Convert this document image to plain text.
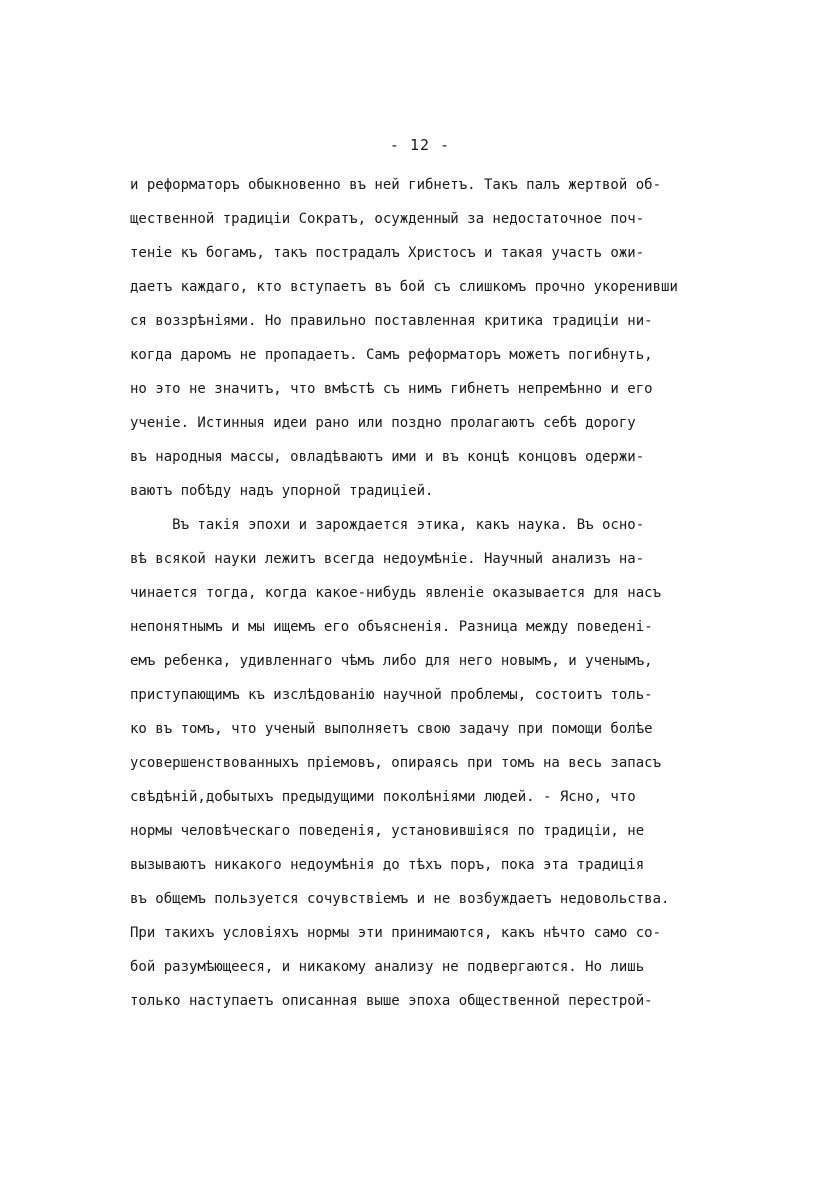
- 12 -
и реформаторъ обыкновенно въ ней гибнетъ. Такъ палъ жертвой об-
щественной традицiи Сократъ, осужденный за недостаточное поч-
тенiе къ богамъ, такъ пострадалъ Христосъ и такая участь ожи-
даетъ каждаго, кто вступаетъ въ бой съ слишкомъ прочно укоренивши
ся воззрѣнiями. Но правильно поставленная критика традицiи ни-
когда даромъ не пропадаетъ. Самъ реформаторъ можетъ погибнуть,
но это не значитъ, что вмѣстѣ съ нимъ гибнетъ непремѣнно и его
ученiе. Истинныя идеи рано или поздно пролагаютъ себѣ дорогу
въ народныя массы, овладѣваютъ ими и въ концѣ концовъ одержи-
ваютъ побѣду надъ упорной традицiей.
Въ такiя эпохи и зарождается этика, какъ наука. Въ осно-
вѣ всякой науки лежитъ всегда недоумѣнiе. Научный анализъ на-
чинается тогда, когда какое-нибудь явленiе оказывается для насъ
непонятнымъ и мы ищемъ его объясненiя. Разница между поведенi-
емъ ребенка, удивленнаго чѣмъ либо для него новымъ, и ученымъ,
приступающимъ къ изслѣдованiю научной проблемы, состоитъ толь-
ко въ томъ, что ученый выполняетъ свою задачу при помощи болѣе
усовершенствованныхъ прiемовъ, опираясь при томъ на весь запасъ
свѣдѣнiй,добытыхъ предыдущими поколѣнiями людей. - Ясно, что
нормы человѣческаго поведенiя, установившiяся по традицiи, не
вызываютъ никакого недоумѣнiя до тѣхъ поръ, пока эта традицiя
въ общемъ пользуется сочувствiемъ и не возбуждаетъ недовольства.
При такихъ условiяхъ нормы эти принимаются, какъ нѣчто само со-
бой разумѣющееся, и никакому анализу не подвергаются. Но лишь
только наступаетъ описанная выше эпоха общественной перестрой-
